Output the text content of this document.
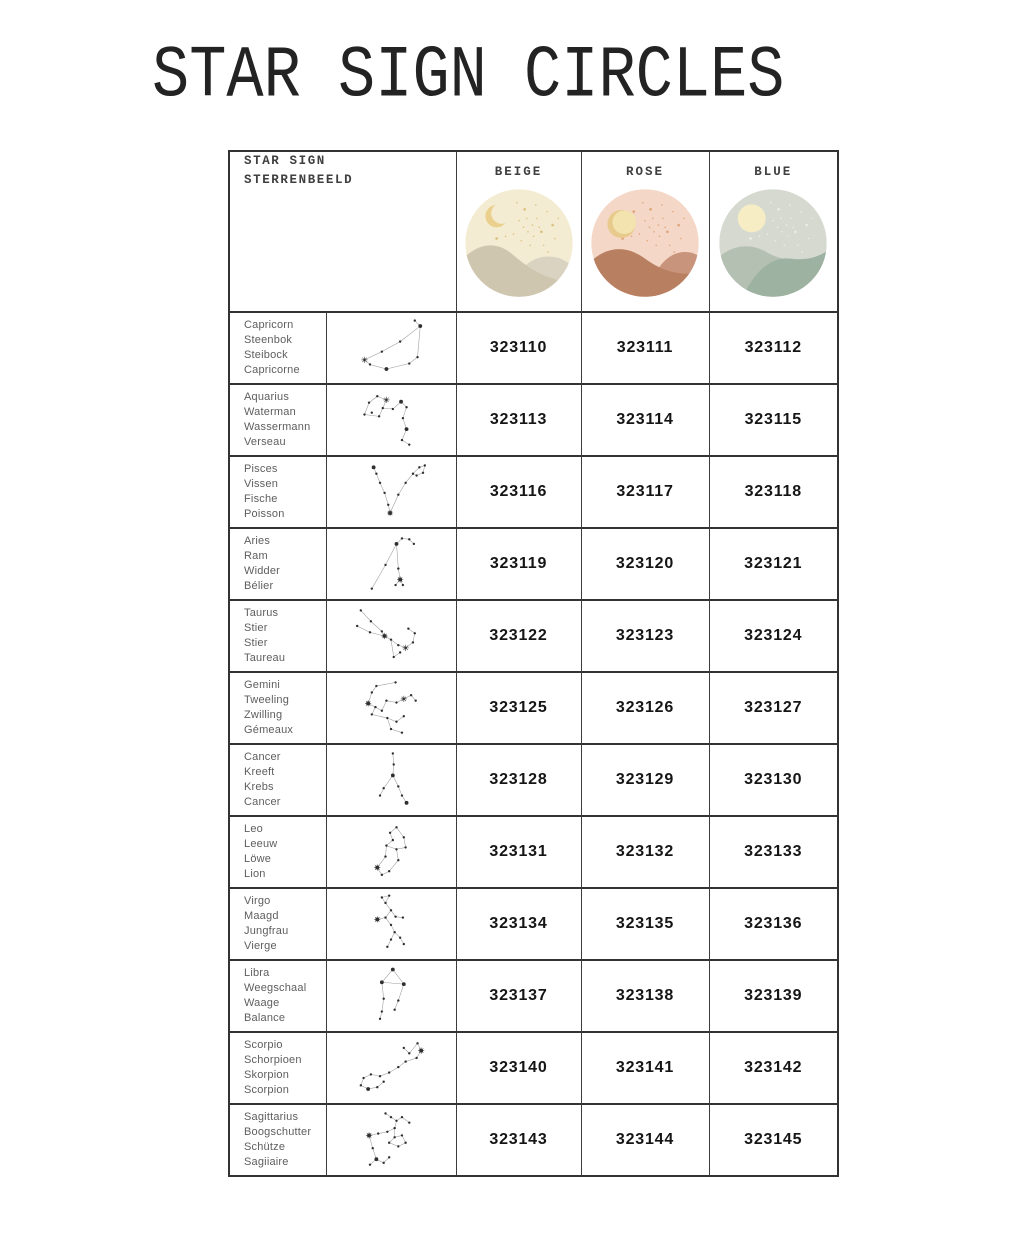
STAR SIGN CIRCLES
STAR SIGN
STERRENBEELD		BEIGE	ROSE	BLUE

Capricorn
Steenbok
Steibock
Capricorne		323110	323111	323112

Aquarius
Waterman
Wassermann
Verseau		323113	323114	323115

Pisces
Vissen
Fische
Poisson		323116	323117	323118

Aries
Ram
Widder
Bélier		323119	323120	323121

Taurus
Stier
Stier
Taureau		323122	323123	323124

Gemini
Tweeling
Zwilling
Gémeaux		323125	323126	323127

Cancer
Kreeft
Krebs
Cancer		323128	323129	323130

Leo
Leeuw
Löwe
Lion		323131	323132	323133

Virgo
Maagd
Jungfrau
Vierge		323134	323135	323136

Libra
Weegschaal
Waage
Balance		323137	323138	323139

Scorpio
Schorpioen
Skorpion
Scorpion		323140	323141	323142

Sagittarius
Boogschutter
Schütze
Sagiiaire		323143	323144	323145
